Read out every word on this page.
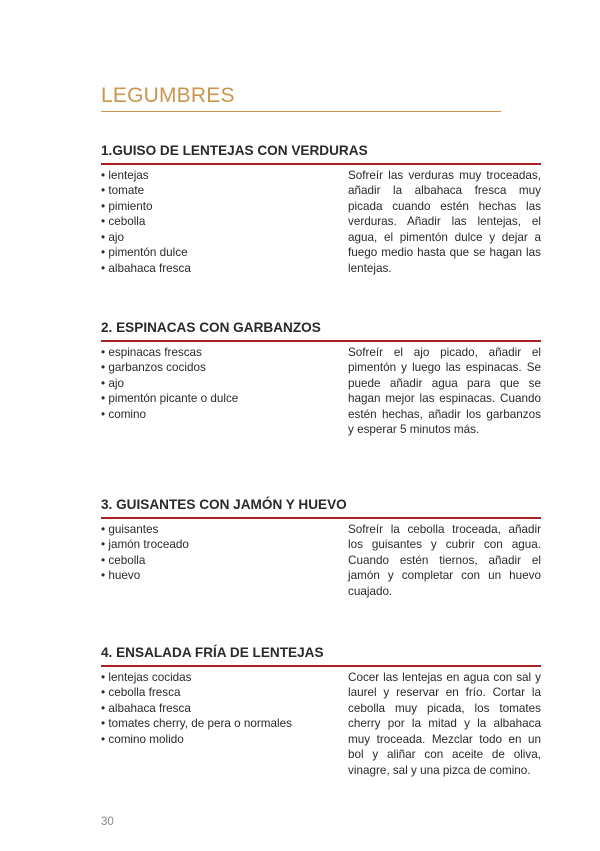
LEGUMBRES
1.GUISO DE LENTEJAS CON VERDURAS
• lentejas
• tomate
• pimiento
• cebolla
• ajo
• pimentón dulce
• albahaca fresca

Sofreír las verduras muy troceadas, añadir la albahaca fresca muy picada cuando estén hechas las verduras. Añadir las lentejas, el agua, el pimentón dulce y dejar a fuego medio hasta que se hagan las lentejas.

2. ESPINACAS CON GARBANZOS
• espinacas frescas
• garbanzos cocidos
• ajo
• pimentón picante o dulce
• comino

Sofreír el ajo picado, añadir el pimentón y luego las espinacas. Se puede añadir agua para que se hagan mejor las espinacas. Cuando estén hechas, añadir los garbanzos y esperar 5 minutos más.

3. GUISANTES CON JAMÓN Y HUEVO
• guisantes
• jamón troceado
• cebolla
• huevo

Sofreír la cebolla troceada, añadir los guisantes y cubrir con agua. Cuando estén tiernos, añadir el jamón y completar con un huevo cuajado.

4. ENSALADA FRÍA DE LENTEJAS
• lentejas cocidas
• cebolla fresca
• albahaca fresca
• tomates cherry, de pera o normales
• comino molido

Cocer las lentejas en agua con sal y laurel y reservar en frío. Cortar la cebolla muy picada, los tomates cherry por la mitad y la albahaca muy troceada. Mezclar todo en un bol y aliñar con aceite de oliva, vinagre, sal y una pizca de comino.

30
